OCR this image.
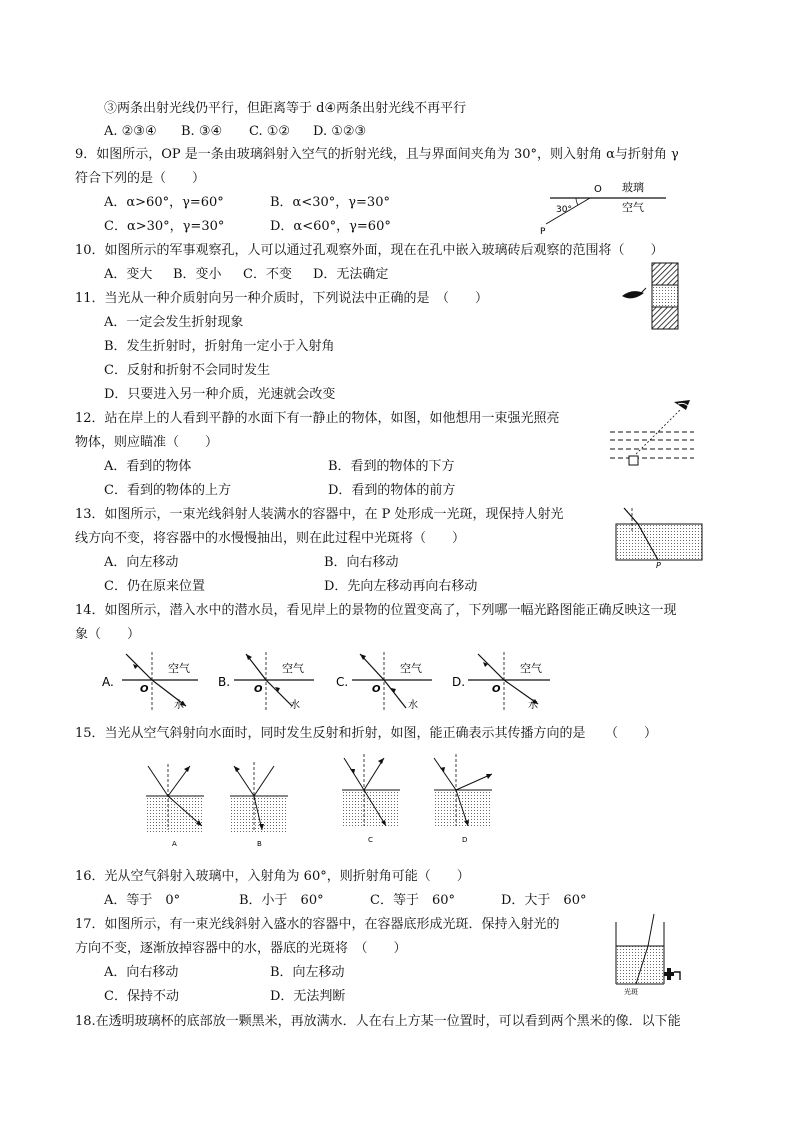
③两条出射光线仍平行，但距离等于 d④两条出射光线不再平行
A. ②③④ B. ③④ C. ①② D. ①②③
9．如图所示，OP 是一条由玻璃斜射入空气的折射光线，且与界面间夹角为 30°，则入射角 α与折射角 γ
符合下列的是（　　）
A．α>60°，γ=60°	B．α<30°，γ=30°
C．α>30°，γ=30°	D．α<60°，γ=60°
O 玻璃
空气
30°
P
10．如图所示的军事观察孔，人可以通过孔观察外面，现在在孔中嵌入玻璃砖后观察的范围将（　　）
A．变大 B．变小 C．不变 D．无法确定
11．当光从一种介质射向另一种介质时，下列说法中正确的是　（　　）
A．一定会发生折射现象
B．发生折射时，折射角一定小于入射角
C．反射和折射不会同时发生
D．只要进入另一种介质，光速就会改变
12．站在岸上的人看到平静的水面下有一静止的物体，如图，如他想用一束强光照亮
物体，则应瞄准（　　）
A．看到的物体	B．看到的物体的下方
C．看到的物体的上方	D．看到的物体的前方
13．如图所示，一束光线斜射人装满水的容器中，在 P 处形成一光斑，现保持人射光
线方向不变，将容器中的水慢慢抽出，则在此过程中光斑将（　　）
A．向左移动	B．向右移动
C．仍在原来位置	D．先向左移动再向右移动
P
14．如图所示，潜入水中的潜水员，看见岸上的景物的位置变高了，下列哪一幅光路图能正确反映这一现
象（　　）
A.
空气
O
水
B.
空气
O
水
C.
空气
O
水
D.
空气
O
水
15．当光从空气斜射向水面时，同时发生反射和折射，如图，能正确表示其传播方向的是　　（　　）
A	B	C	D
16．光从空气斜射入玻璃中，入射角为 60°，则折射角可能（　　）
A．等于　0°	B．小于　60°	C．等于　60°	D．大于　60°
17．如图所示，有一束光线斜射入盛水的容器中，在容器底形成光斑．保持入射光的
方向不变，逐渐放掉容器中的水，器底的光斑将　（　　）
A．向右移动	B．向左移动
C．保持不动	D．无法判断	光斑
18.在透明玻璃杯的底部放一颗黑米，再放满水．人在右上方某一位置时，可以看到两个黑米的像．以下能
